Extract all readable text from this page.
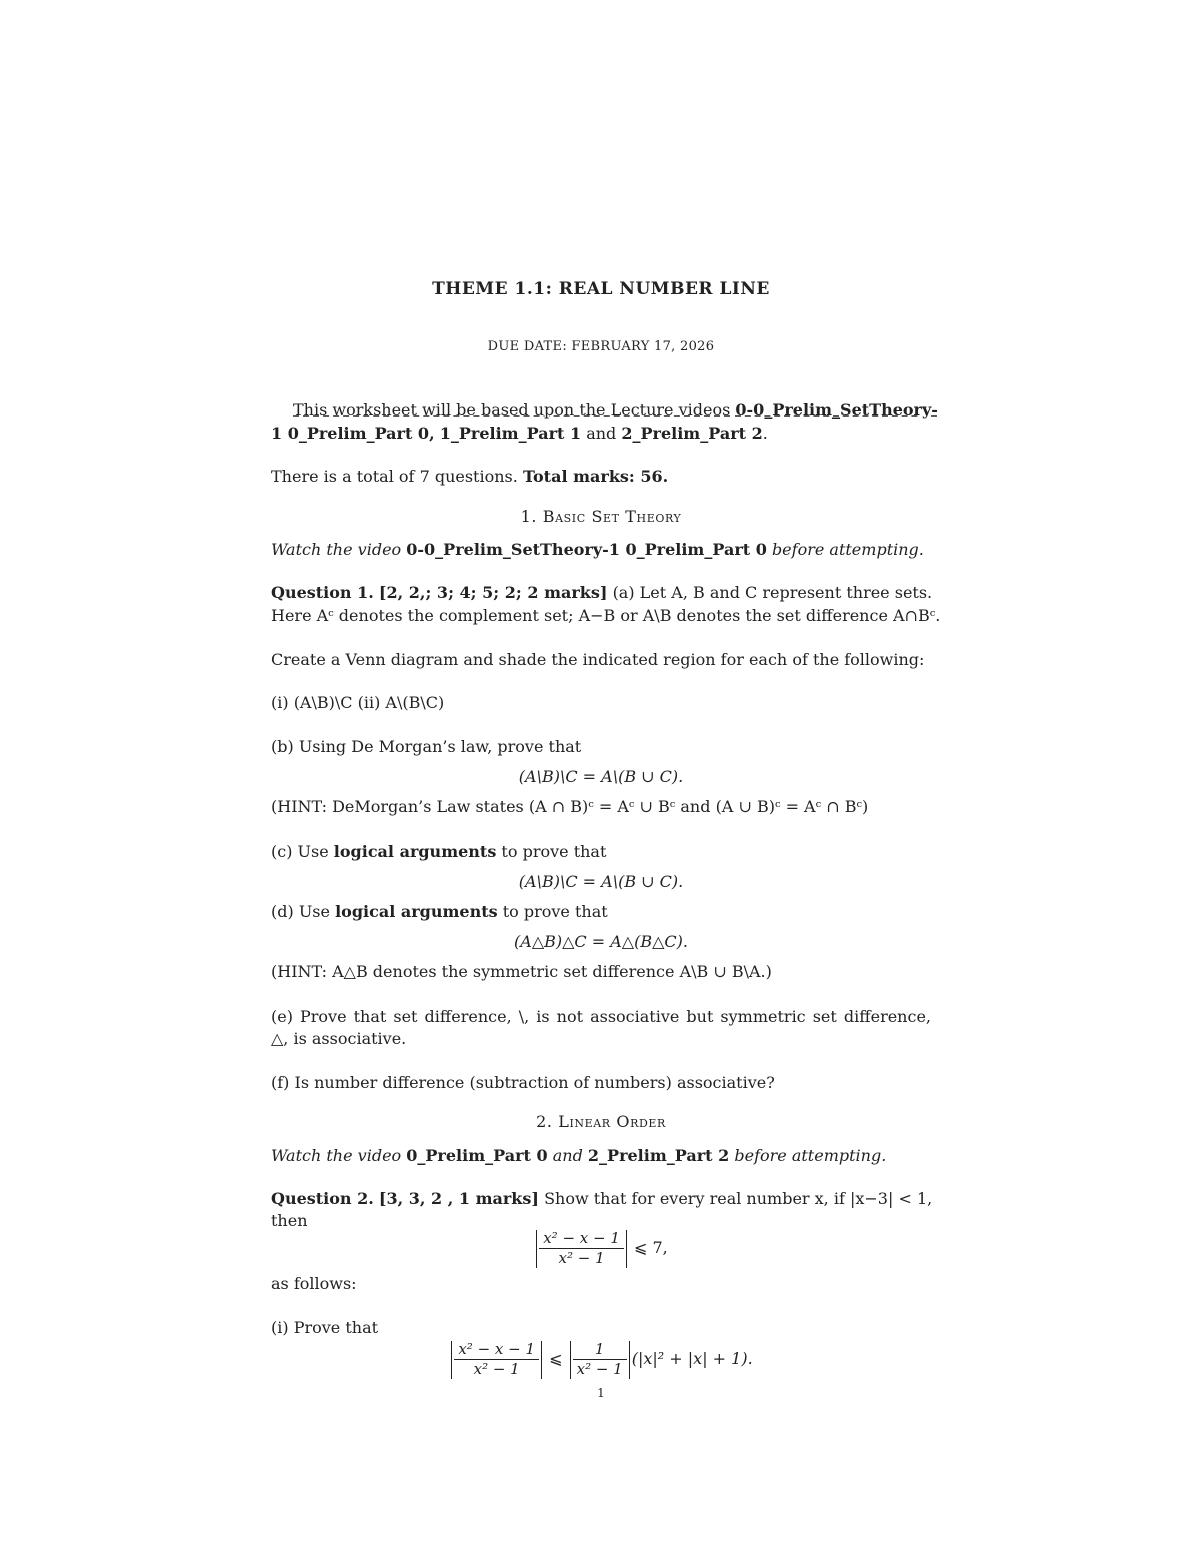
THEME 1.1: REAL NUMBER LINE
DUE DATE: FEBRUARY 17, 2026
This worksheet will be based upon the Lecture videos 0-0_Prelim_SetTheory-
1 0_Prelim_Part 0, 1_Prelim_Part 1 and 2_Prelim_Part 2.
There is a total of 7 questions. Total marks: 56.
1. Basic Set Theory
Watch the video 0-0_Prelim_SetTheory-1 0_Prelim_Part 0 before attempting.
Question 1. [2, 2,; 3; 4; 5; 2; 2 marks] (a) Let A, B and C represent three sets.
Here Aᶜ denotes the complement set; A−B or A\B denotes the set difference A∩Bᶜ.
Create a Venn diagram and shade the indicated region for each of the following:
(i) (A\B)\C (ii) A\(B\C)
(b) Using De Morgan’s law, prove that
(A\B)\C = A\(B ∪ C).
(HINT: DeMorgan’s Law states (A ∩ B)ᶜ = Aᶜ ∪ Bᶜ and (A ∪ B)ᶜ = Aᶜ ∩ Bᶜ)
(c) Use logical arguments to prove that
(A\B)\C = A\(B ∪ C).
(d) Use logical arguments to prove that
(A△B)△C = A△(B△C).
(HINT: A△B denotes the symmetric set difference A\B ∪ B\A.)
(e) Prove that set difference, \, is not associative but symmetric set difference,
△, is associative.
(f) Is number difference (subtraction of numbers) associative?
2. Linear Order
Watch the video 0_Prelim_Part 0 and 2_Prelim_Part 2 before attempting.
Question 2. [3, 3, 2 , 1 marks] Show that for every real number x, if |x−3| < 1,
then
$\frac{\text{x² − x − 1}}{\text{x² − 1}}$ ⩽ 7,
as follows:
(i) Prove that
$\frac{\text{x² − x − 1}}{\text{x² − 1}}$ ⩽ $\frac{1}{\text{x² − 1}} (|x|^2 + |x| + 1)$.
1
